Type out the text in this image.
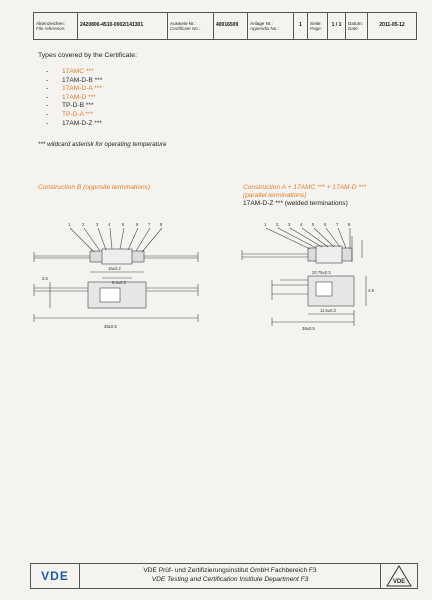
Aktenzeichen:
File reference:
2420800-4510-0002/141301	Ausweis-Nr.:
Certificate No.:
40016509	Anlage Nr.:
Appendix No.:
1	Seite:
Page:
1 / 1	Datum:
Date:
2011-05-12
Types covered by the Certificate:
-	17AMC ***
-	17AM-D-B ***
-	17AM-D-A ***
-	17AM-D ***
-	TP-D-B ***
-	TP-D-A ***
-	17AM-D-Z ***
*** wildcard asterisk for operating temperature
Construction B (opposite terminations)	Construction A + 17AMC *** + 17AM-D ***
(parallel terminations)
17AM-D-Z *** (welded terminations)
1	2	3 4	5	6 7 8
16±0.2
8.3±0.2
38±0.5
3.5
1 2 3 4 5 6 7 8
20.75±0.3
11.5±0.2
38±0.5
4.8
VDE	VDE Prüf- und Zertifizierungsinstitut GmbH Fachbereich F3
VDE Testing and Certification Institute Department F3	VDE
